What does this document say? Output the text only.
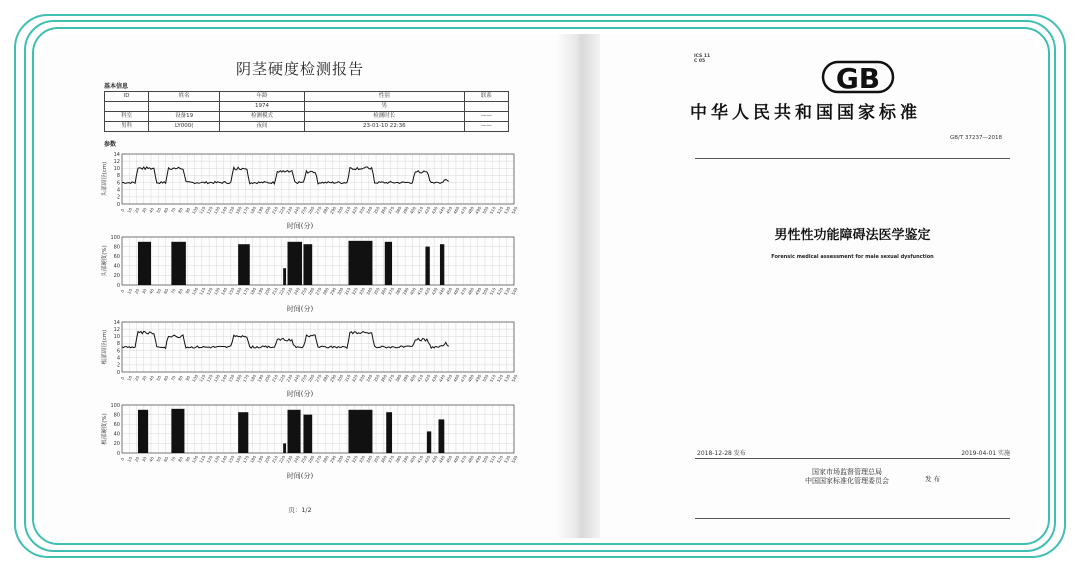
阴茎硬度检测报告
基本信息
ID	姓名	年龄	性别	联系
		1974	男	
科室	设备19	检测模式	检测时长	——
男科	LY000(	夜间	23-01-10 22:36	——
参数
0
2
4
6
8
10
12
14
头部周径(cm)
0 10 20 30 40 50 60 70 80 90 100 110 120 130 140 150 160 170 180 190 200 210 220 230 240 250 260 270 280 290 300 310 320 330 340 350 360 370 380 390 400 410 420 430 440 450 460 470 480 490 500 510 520 530 540
时间(分)
0
20
40
60
80
100
头部硬度(%)
0 10 20 30 40 50 60 70 80 90 100 110 120 130 140 150 160 170 180 190 200 210 220 230 240 250 260 270 280 290 300 310 320 330 340 350 360 370 380 390 400 410 420 430 440 450 460 470 480 490 500 510 520 530 540
时间(分)
0
2
4
6
8
10
12
14
根部周径(cm)
0 10 20 30 40 50 60 70 80 90 100 110 120 130 140 150 160 170 180 190 200 210 220 230 240 250 260 270 280 290 300 310 320 330 340 350 360 370 380 390 400 410 420 430 440 450 460 470 480 490 500 510 520 530 540
时间(分)
0
20
40
60
80
100
根部硬度(%)
0 10 20 30 40 50 60 70 80 90 100 110 120 130 140 150 160 170 180 190 200 210 220 230 240 250 260 270 280 290 300 310 320 330 340 350 360 370 380 390 400 410 420 430 440 450 460 470 480 490 500 510 520 530 540
时间(分)
页：1/2
ICS 11
C 05
GB
中华人民共和国国家标准
GB/T 37237—2018
男性性功能障碍法医学鉴定
Forensic medical assessment for male sexual dysfunction
2018-12-28 发布	2019-04-01 实施
国家市场监督管理总局
中国国家标准化管理委员会	发 布
